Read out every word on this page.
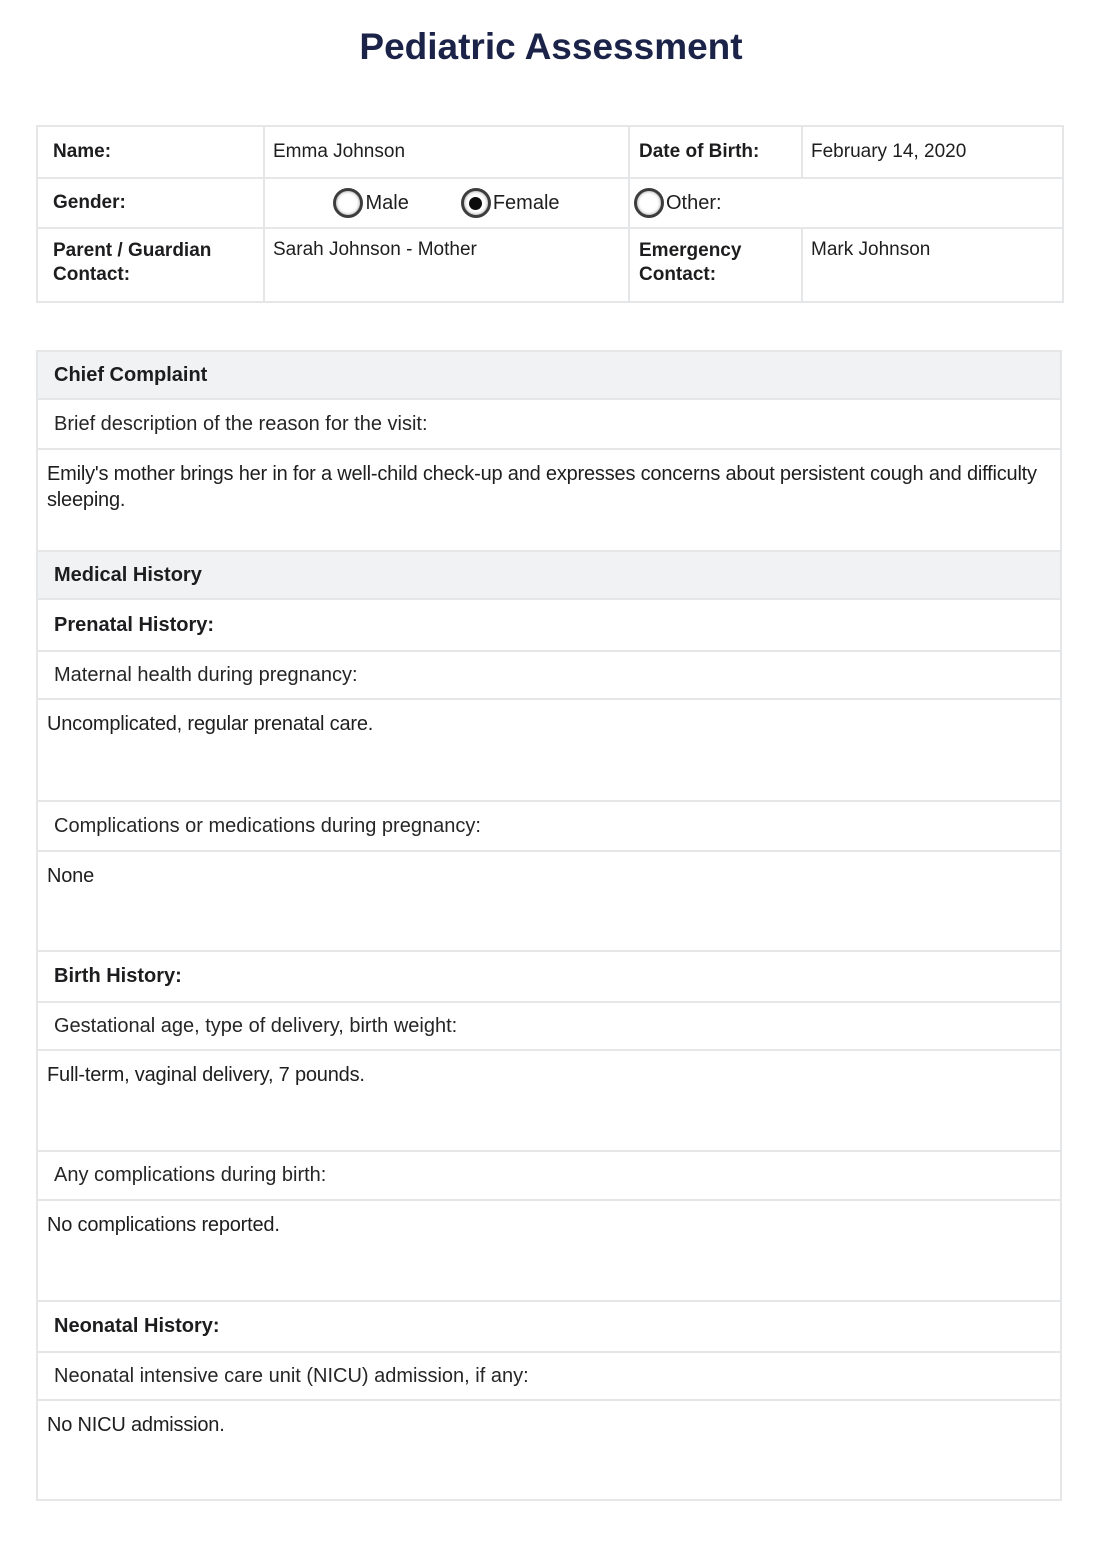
Pediatric Assessment
Name:	Emma Johnson	Date of Birth:	February 14, 2020
Gender:	Male Female	Other:	

Parent / Guardian Contact:	Sarah Johnson - Mother	Emergency Contact:	Mark Johnson
Chief Complaint
Brief description of the reason for the visit:
Emily's mother brings her in for a well-child check-up and expresses concerns about persistent cough and difficulty sleeping.
Medical History
Prenatal History:
Maternal health during pregnancy:
Uncomplicated, regular prenatal care.
Complications or medications during pregnancy:
None
Birth History:
Gestational age, type of delivery, birth weight:
Full-term, vaginal delivery, 7 pounds.
Any complications during birth:
No complications reported.
Neonatal History:
Neonatal intensive care unit (NICU) admission, if any:
No NICU admission.
